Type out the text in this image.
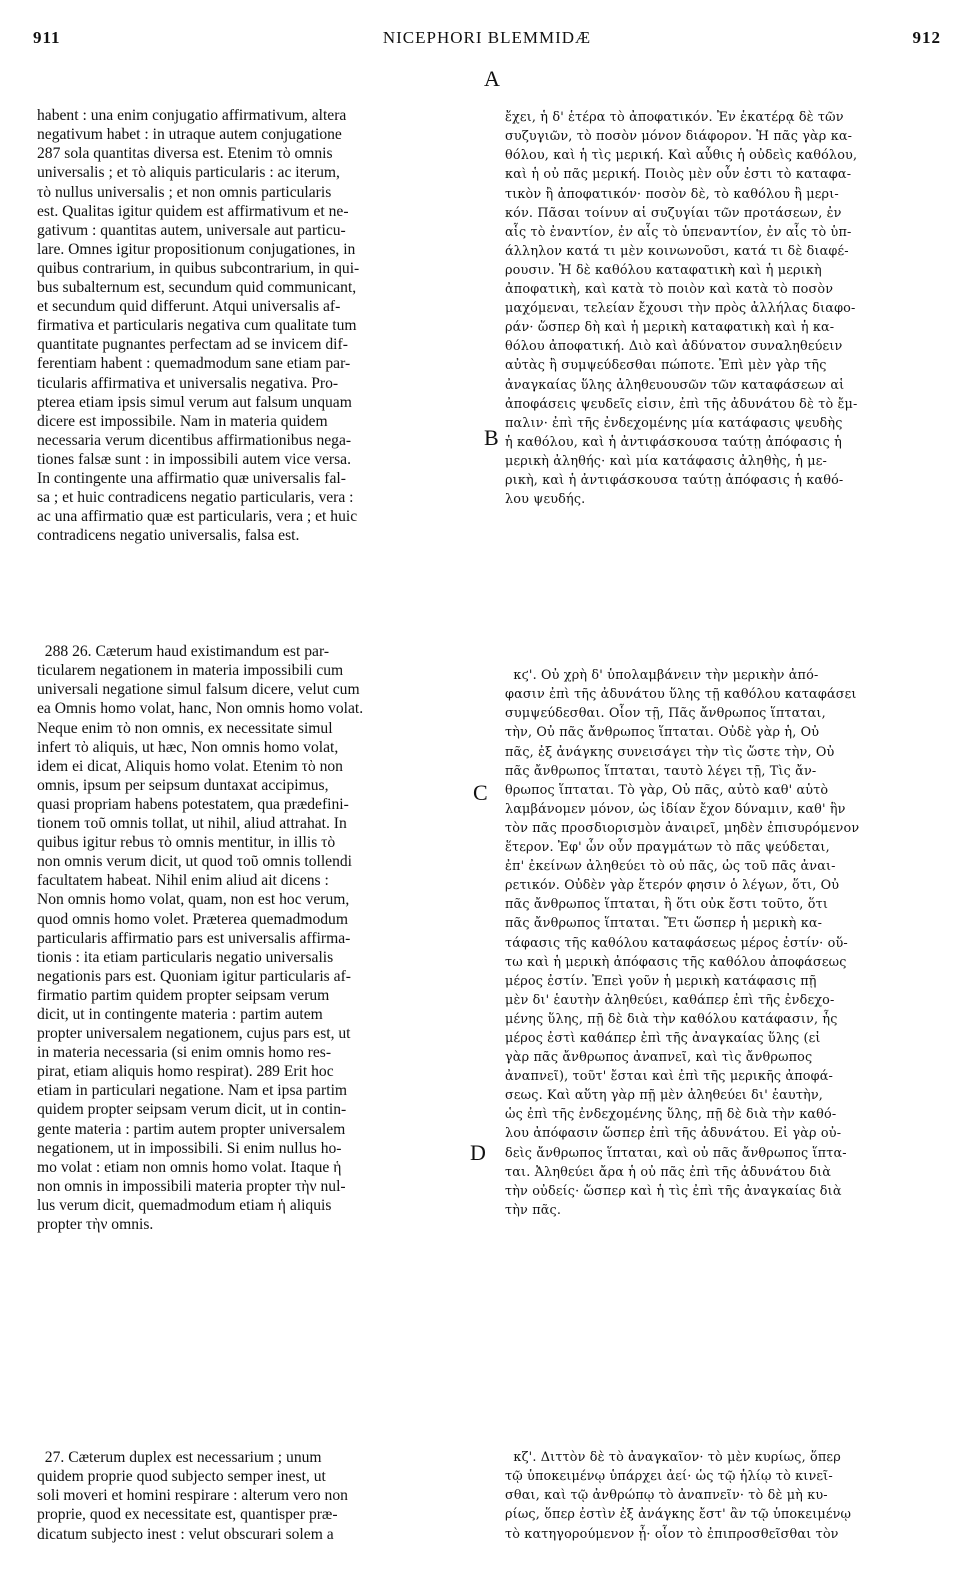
911	NICEPHORI BLEMMIDÆ	912

habent : una enim conjugatio affirmativum, altera
negativum habet : in utraque autem conjugatione
287 sola quantitas diversa est. Etenim τὸ omnis
universalis ; et τὸ aliquis particularis : ac iterum,
τὸ nullus universalis ; et non omnis particularis
est. Qualitas igitur quidem est affirmativum et ne-
gativum : quantitas autem, universale aut particu-
lare. Omnes igitur propositionum conjugationes, in
quibus contrarium, in quibus subcontrarium, in qui-
bus subalternum est, secundum quid communicant,
et secundum quid differunt. Atqui universalis af-
firmativa et particularis negativa cum qualitate tum
quantitate pugnantes perfectam ad se invicem dif-
ferentiam habent : quemadmodum sane etiam par-
ticularis affirmativa et universalis negativa. Pro-
ptereа etiam ipsis simul verum aut falsum unquam
dicere est impossibile. Nam in materia quidem
necessaria verum dicentibus affirmationibus nega-
tiones falsæ sunt : in impossibili autem vice versa.
In contingente una affirmatio quæ universalis fal-
sa ; et huic contradicens negatio particularis, vera :
ac una affirmatio quæ est particularis, vera ; et huic
contradicens negatio universalis, falsa est.

288 26. Cæterum haud existimandum est par-
ticularem negationem in materia impossibili cum
universali negatione simul falsum dicere, velut cum
ea Omnis homo volat, hanc, Non omnis homo volat.
Neque enim τὸ non omnis, ex necessitate simul
infert τὸ aliquis, ut hæc, Non omnis homo volat,
idem ei dicat, Aliquis homo volat. Etenim τὸ non
omnis, ipsum per seipsum duntaxat accipimus,
quasi propriam habens potestatem, qua prædefini-
tionem τοῦ omnis tollat, ut nihil, aliud attrahat. In
quibus igitur rebus τὸ omnis mentitur, in illis τὸ
non omnis verum dicit, ut quod τοῦ omnis tollendi
facultatem habeat. Nihil enim aliud ait dicens :
Non omnis homo volat, quam, non est hoc verum,
quod omnis homo volet. Præterea quemadmodum
particularis affirmatio pars est universalis affirma-
tionis : ita etiam particularis negatio universalis
negationis pars est. Quoniam igitur particularis af-
firmatio partim quidem propter seipsam verum
dicit, ut in contingente materia : partim autem
propter universalem negationem, cujus pars est, ut
in materia necessaria (si enim omnis homo res-
pirat, etiam aliquis homo respirat). 289 Erit hoc
etiam in particulari negatione. Nam et ipsa partim
quidem propter seipsam verum dicit, ut in contin-
gente materia : partim autem propter universalem
negationem, ut in impossibili. Si enim nullus ho-
mo volat : etiam non omnis homo volat. Itaque ἡ
non omnis in impossibili materia propter τὴν nul-
lus verum dicit, quemadmodum etiam ἡ aliquis
propter τὴν omnis.

27. Cæterum duplex est necessarium ; unum
quidem proprie quod subjecto semper inest, ut
soli moveri et homini respirare : alterum vero non
proprie, quod ex necessitate est, quantisper præ-
dicatum subjecto inest : velut obscurari solem a

ἔχει, ἡ δ' ἑτέρα τὸ ἀποφατικόν. Ἐν ἑκατέρᾳ δὲ τῶν
συζυγιῶν, τὸ ποσὸν μόνον διάφορον. Ἡ πᾶς γὰρ κα-
θόλου, καὶ ἡ τὶς μερική. Καὶ αὖθις ἡ οὐδεὶς καθόλου,
καὶ ἡ οὐ πᾶς μερική. Ποιὸς μὲν οὖν ἐστι τὸ καταφα-
τικὸν ἢ ἀποφατικόν· ποσὸν δὲ, τὸ καθόλου ἢ μερι-
κόν. Πᾶσαι τοίνυν αἱ συζυγίαι τῶν προτάσεων, ἐν
αἷς τὸ ἐναντίον, ἐν αἷς τὸ ὑπεναντίον, ἐν αἷς τὸ ὑπ-
άλληλον κατά τι μὲν κοινωνοῦσι, κατά τι δὲ διαφέ-
ρουσιν. Ἡ δὲ καθόλου καταφατικὴ καὶ ἡ μερικὴ
ἀποφατικὴ, καὶ κατὰ τὸ ποιὸν καὶ κατὰ τὸ ποσὸν
μαχόμεναι, τελείαν ἔχουσι τὴν πρὸς ἀλλήλας διαφο-
ράν· ὥσπερ δὴ καὶ ἡ μερικὴ καταφατικὴ καὶ ἡ κα-
θόλου ἀποφατική. Διὸ καὶ ἀδύνατον συναληθεύειν
αὐτὰς ἢ συμψεύδεσθαι πώποτε. Ἐπὶ μὲν γὰρ τῆς
ἀναγκαίας ὕλης ἀληθευουσῶν τῶν καταφάσεων αἱ
ἀποφάσεις ψευδεῖς εἰσιν, ἐπὶ τῆς ἀδυνάτου δὲ τὸ ἔμ-
παλιν· ἐπὶ τῆς ἐνδεχομένης μία κατάφασις ψευδὴς
ἡ καθόλου, καὶ ἡ ἀντιφάσκουσα ταύτῃ ἀπόφασις ἡ
μερικὴ ἀληθής· καὶ μία κατάφασις ἀληθὴς, ἡ με-
ρικὴ, καὶ ἡ ἀντιφάσκουσα ταύτῃ ἀπόφασις ἡ καθό-
λου ψευδής.

κϛ'. Οὐ χρὴ δ' ὑπολαμβάνειν τὴν μερικὴν ἀπό-
φασιν ἐπὶ τῆς ἀδυνάτου ὕλης τῇ καθόλου καταφάσει
συμψεύδεσθαι. Οἷον τῇ, Πᾶς ἄνθρωπος ἵπταται,
τὴν, Οὐ πᾶς ἄνθρωπος ἵπταται. Οὐδὲ γὰρ ἡ, Οὐ
πᾶς, ἐξ ἀνάγκης συνεισάγει τὴν τὶς ὥστε τὴν, Οὐ
πᾶς ἄνθρωπος ἵπταται, ταυτὸ λέγει τῇ, Τὶς ἄν-
θρωπος ἵπταται. Τὸ γὰρ, Οὐ πᾶς, αὐτὸ καθ' αὑτὸ
λαμβάνομεν μόνον, ὡς ἰδίαν ἔχον δύναμιν, καθ' ἣν
τὸν πᾶς προσδιορισμὸν ἀναιρεῖ, μηδὲν ἐπισυρόμενον
ἕτερον. Ἐφ' ὧν οὖν πραγμάτων τὸ πᾶς ψεύδεται,
ἐπ' ἐκείνων ἀληθεύει τὸ οὐ πᾶς, ὡς τοῦ πᾶς ἀναι-
ρετικόν. Οὐδὲν γὰρ ἕτερόν φησιν ὁ λέγων, ὅτι, Οὐ
πᾶς ἄνθρωπος ἵπταται, ἢ ὅτι οὐκ ἔστι τοῦτο, ὅτι
πᾶς ἄνθρωπος ἵπταται. Ἔτι ὥσπερ ἡ μερικὴ κα-
τάφασις τῆς καθόλου καταφάσεως μέρος ἐστίν· οὕ-
τω καὶ ἡ μερικὴ ἀπόφασις τῆς καθόλου ἀποφάσεως
μέρος ἐστίν. Ἐπεὶ γοῦν ἡ μερικὴ κατάφασις πῇ
μὲν δι' ἑαυτὴν ἀληθεύει, καθάπερ ἐπὶ τῆς ἐνδεχο-
μένης ὕλης, πῇ δὲ διὰ τὴν καθόλου κατάφασιν, ἧς
μέρος ἐστὶ καθάπερ ἐπὶ τῆς ἀναγκαίας ὕλης (εἰ
γὰρ πᾶς ἄνθρωπος ἀναπνεῖ, καὶ τὶς ἄνθρωπος
ἀναπνεῖ), τοῦτ' ἔσται καὶ ἐπὶ τῆς μερικῆς ἀποφά-
σεως. Καὶ αὕτη γὰρ πῇ μὲν ἀληθεύει δι' ἑαυτὴν,
ὡς ἐπὶ τῆς ἐνδεχομένης ὕλης, πῇ δὲ διὰ τὴν καθό-
λου ἀπόφασιν ὥσπερ ἐπὶ τῆς ἀδυνάτου. Εἰ γὰρ οὐ-
δεὶς ἄνθρωπος ἵπταται, καὶ οὐ πᾶς ἄνθρωπος ἵπτα-
ται. Ἀληθεύει ἄρα ἡ οὐ πᾶς ἐπὶ τῆς ἀδυνάτου διὰ
τὴν οὐδείς· ὥσπερ καὶ ἡ τὶς ἐπὶ τῆς ἀναγκαίας διὰ
τὴν πᾶς.

κζ'. Διττὸν δὲ τὸ ἀναγκαῖον· τὸ μὲν κυρίως, ὅπερ
τῷ ὑποκειμένῳ ὑπάρχει ἀεί· ὡς τῷ ἡλίῳ τὸ κινεῖ-
σθαι, καὶ τῷ ἀνθρώπῳ τὸ ἀναπνεῖν· τὸ δὲ μὴ κυ-
ρίως, ὅπερ ἐστὶν ἐξ ἀνάγκης ἔστ' ἂν τῷ ὑποκειμένῳ
τὸ κατηγορούμενον ᾖ· οἷον τὸ ἐπιπροσθεῖσθαι τὸν

A
B
C
D
